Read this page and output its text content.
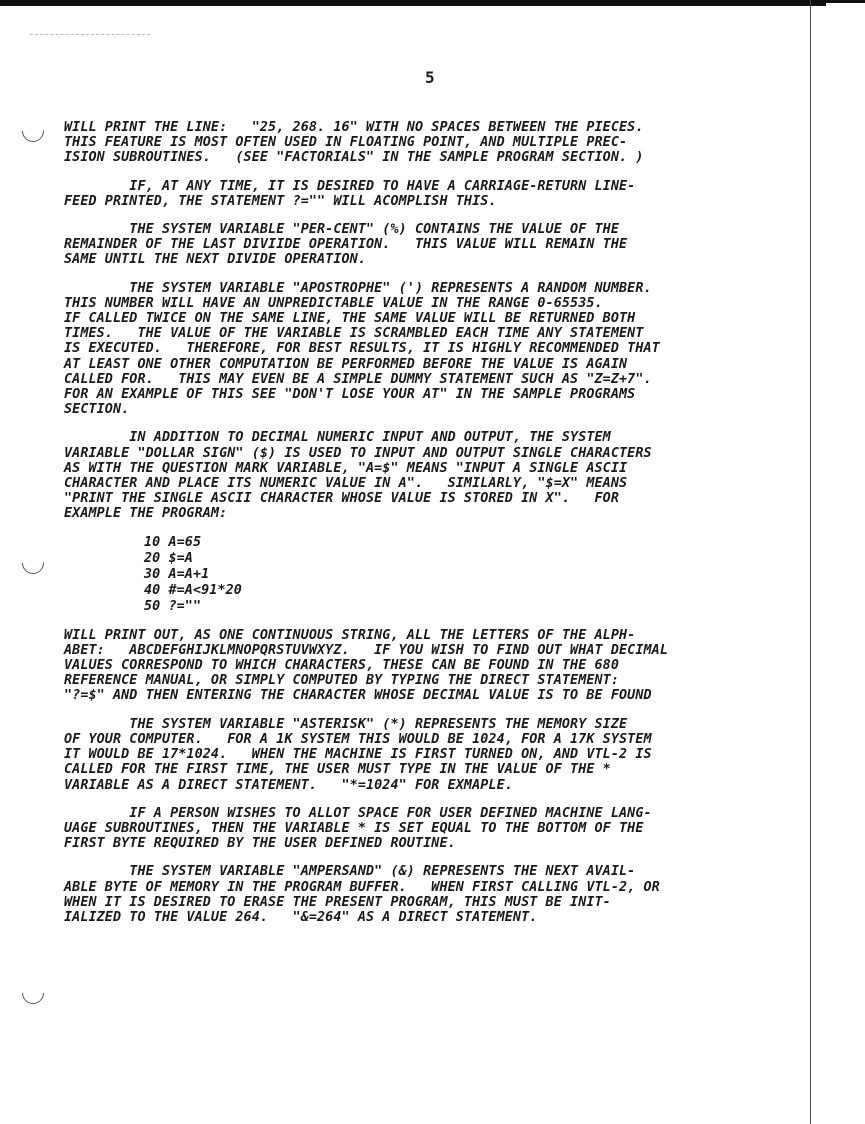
5

WILL PRINT THE LINE:   "25, 268. 16" WITH NO SPACES BETWEEN THE PIECES.
THIS FEATURE IS MOST OFTEN USED IN FLOATING POINT, AND MULTIPLE PREC-
ISION SUBROUTINES.   (SEE "FACTORIALS" IN THE SAMPLE PROGRAM SECTION. )

IF, AT ANY TIME, IT IS DESIRED TO HAVE A CARRIAGE-RETURN LINE-
FEED PRINTED, THE STATEMENT ?="" WILL ACOMPLISH THIS.

THE SYSTEM VARIABLE "PER-CENT" (%) CONTAINS THE VALUE OF THE
REMAINDER OF THE LAST DIVIIDE OPERATION.   THIS VALUE WILL REMAIN THE
SAME UNTIL THE NEXT DIVIDE OPERATION.

THE SYSTEM VARIABLE "APOSTROPHE" (') REPRESENTS A RANDOM NUMBER.
THIS NUMBER WILL HAVE AN UNPREDICTABLE VALUE IN THE RANGE 0-65535.
IF CALLED TWICE ON THE SAME LINE, THE SAME VALUE WILL BE RETURNED BOTH
TIMES.   THE VALUE OF THE VARIABLE IS SCRAMBLED EACH TIME ANY STATEMENT
IS EXECUTED.   THEREFORE, FOR BEST RESULTS, IT IS HIGHLY RECOMMENDED THAT
AT LEAST ONE OTHER COMPUTATION BE PERFORMED BEFORE THE VALUE IS AGAIN
CALLED FOR.   THIS MAY EVEN BE A SIMPLE DUMMY STATEMENT SUCH AS "Z=Z+7".
FOR AN EXAMPLE OF THIS SEE "DON'T LOSE YOUR AT" IN THE SAMPLE PROGRAMS
SECTION.

IN ADDITION TO DECIMAL NUMERIC INPUT AND OUTPUT, THE SYSTEM
VARIABLE "DOLLAR SIGN" ($) IS USED TO INPUT AND OUTPUT SINGLE CHARACTERS
AS WITH THE QUESTION MARK VARIABLE, "A=$" MEANS "INPUT A SINGLE ASCII
CHARACTER AND PLACE ITS NUMERIC VALUE IN A".   SIMILARLY, "$=X" MEANS
"PRINT THE SINGLE ASCII CHARACTER WHOSE VALUE IS STORED IN X".   FOR
EXAMPLE THE PROGRAM:

10 A=65
20 $=A
30 A=A+1
40 #=A<91*20
50 ?=""

WILL PRINT OUT, AS ONE CONTINUOUS STRING, ALL THE LETTERS OF THE ALPH-
ABET:   ABCDEFGHIJKLMNOPQRSTUVWXYZ.   IF YOU WISH TO FIND OUT WHAT DECIMAL
VALUES CORRESPOND TO WHICH CHARACTERS, THESE CAN BE FOUND IN THE 680
REFERENCE MANUAL, OR SIMPLY COMPUTED BY TYPING THE DIRECT STATEMENT:
"?=$" AND THEN ENTERING THE CHARACTER WHOSE DECIMAL VALUE IS TO BE FOUND

THE SYSTEM VARIABLE "ASTERISK" (*) REPRESENTS THE MEMORY SIZE
OF YOUR COMPUTER.   FOR A 1K SYSTEM THIS WOULD BE 1024, FOR A 17K SYSTEM
IT WOULD BE 17*1024.   WHEN THE MACHINE IS FIRST TURNED ON, AND VTL-2 IS
CALLED FOR THE FIRST TIME, THE USER MUST TYPE IN THE VALUE OF THE *
VARIABLE AS A DIRECT STATEMENT.   "*=1024" FOR EXMAPLE.

IF A PERSON WISHES TO ALLOT SPACE FOR USER DEFINED MACHINE LANG-
UAGE SUBROUTINES, THEN THE VARIABLE * IS SET EQUAL TO THE BOTTOM OF THE
FIRST BYTE REQUIRED BY THE USER DEFINED ROUTINE.

THE SYSTEM VARIABLE "AMPERSAND" (&) REPRESENTS THE NEXT AVAIL-
ABLE BYTE OF MEMORY IN THE PROGRAM BUFFER.   WHEN FIRST CALLING VTL-2, OR
WHEN IT IS DESIRED TO ERASE THE PRESENT PROGRAM, THIS MUST BE INIT-
IALIZED TO THE VALUE 264.   "&=264" AS A DIRECT STATEMENT.
